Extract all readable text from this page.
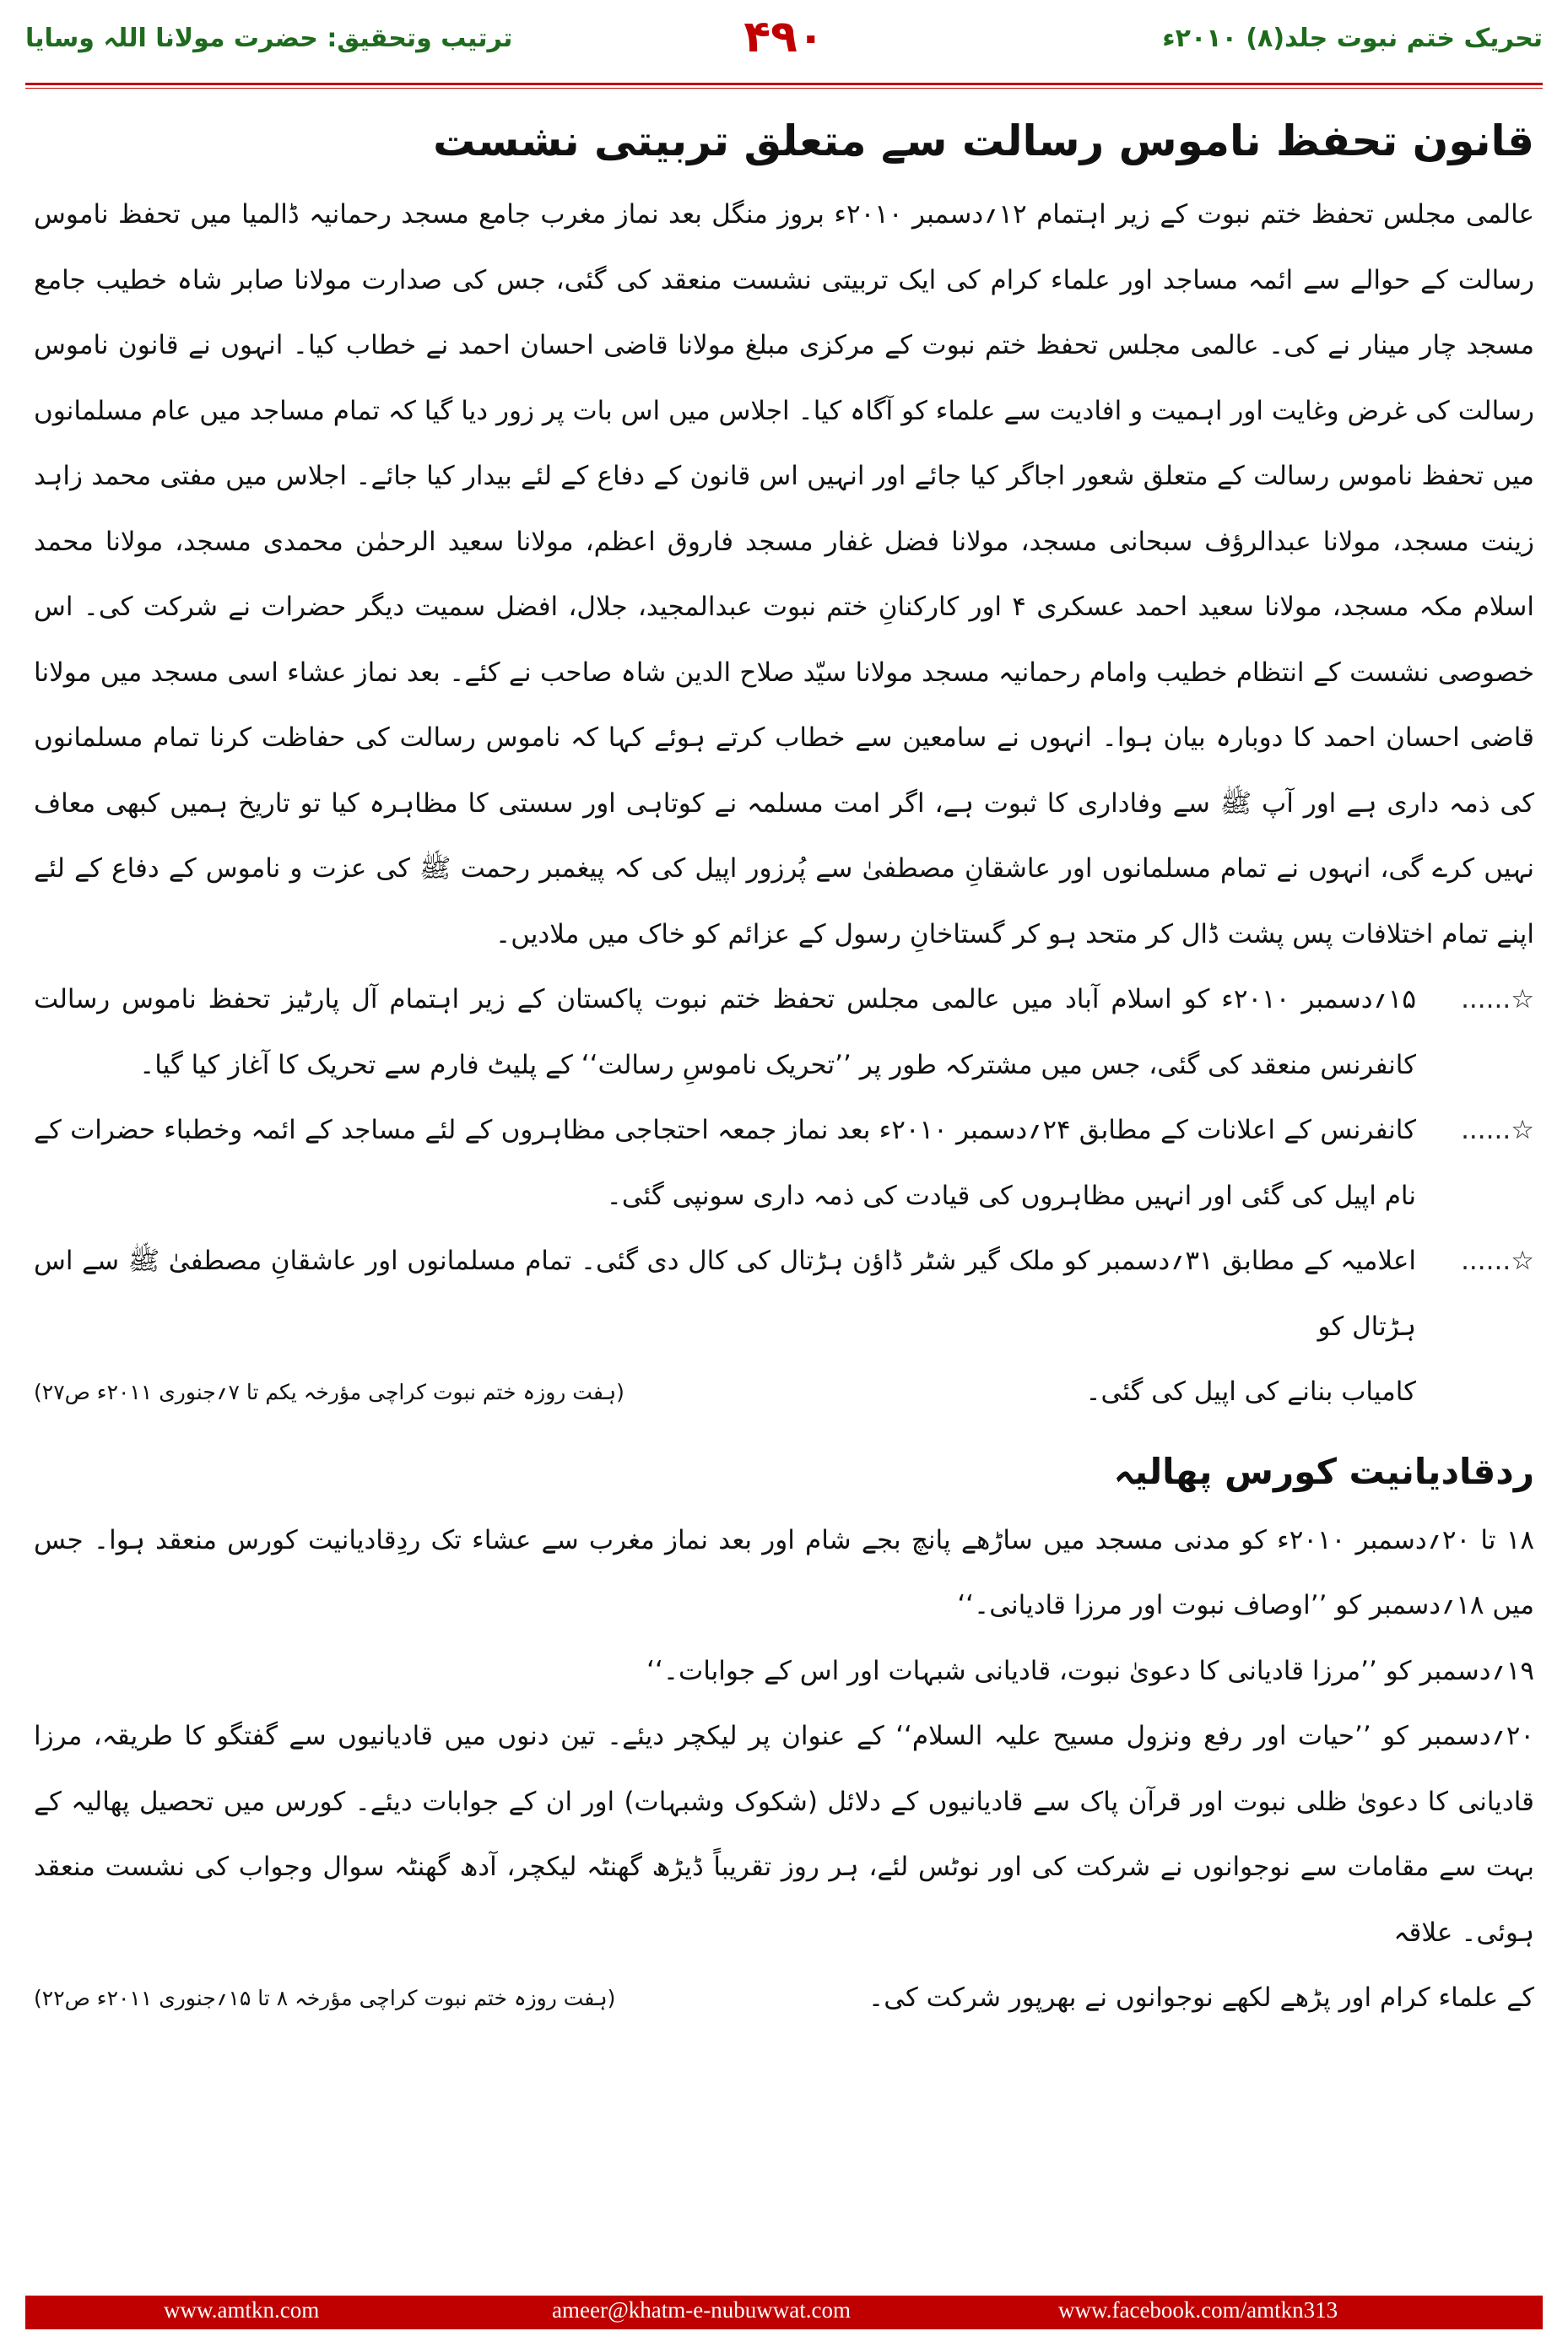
ترتیب وتحقیق: حضرت مولانا اللہ وسایا	۴۹۰	تحریک ختم نبوت جلد(۸) ۲۰۱۰ء
قانون تحفظ ناموس رسالت سے متعلق تربیتی نشست

عالمی مجلس تحفظ ختم نبوت کے زیر اہتمام ۱۲؍دسمبر ۲۰۱۰ء بروز منگل بعد نماز مغرب جامع مسجد رحمانیہ ڈالمیا میں تحفظ ناموس رسالت کے حوالے سے ائمہ مساجد اور علماء کرام کی ایک تربیتی نشست منعقد کی گئی، جس کی صدارت مولانا صابر شاہ خطیب جامع مسجد چار مینار نے کی۔ عالمی مجلس تحفظ ختم نبوت کے مرکزی مبلغ مولانا قاضی احسان احمد نے خطاب کیا۔ انہوں نے قانون ناموس رسالت کی غرض وغایت اور اہمیت و افادیت سے علماء کو آگاہ کیا۔ اجلاس میں اس بات پر زور دیا گیا کہ تمام مساجد میں عام مسلمانوں میں تحفظ ناموس رسالت کے متعلق شعور اجاگر کیا جائے اور انہیں اس قانون کے دفاع کے لئے بیدار کیا جائے۔ اجلاس میں مفتی محمد زاہد زینت مسجد، مولانا عبدالرؤف سبحانی مسجد، مولانا فضل غفار مسجد فاروق اعظم، مولانا سعید الرحمٰن محمدی مسجد، مولانا محمد اسلام مکہ مسجد، مولانا سعید احمد عسکری ۴ اور کارکنانِ ختم نبوت عبدالمجید، جلال، افضل سمیت دیگر حضرات نے شرکت کی۔ اس خصوصی نشست کے انتظام خطیب وامام رحمانیہ مسجد مولانا سیّد صلاح الدین شاہ صاحب نے کئے۔ بعد نماز عشاء اسی مسجد میں مولانا قاضی احسان احمد کا دوبارہ بیان ہوا۔ انہوں نے سامعین سے خطاب کرتے ہوئے کہا کہ ناموس رسالت کی حفاظت کرنا تمام مسلمانوں کی ذمہ داری ہے اور آپ ﷺ سے وفاداری کا ثبوت ہے، اگر امت مسلمہ نے کوتاہی اور سستی کا مظاہرہ کیا تو تاریخ ہمیں کبھی معاف نہیں کرے گی، انہوں نے تمام مسلمانوں اور عاشقانِ مصطفیٰ سے پُرزور اپیل کی کہ پیغمبر رحمت ﷺ کی عزت و ناموس کے دفاع کے لئے اپنے تمام اختلافات پس پشت ڈال کر متحد ہو کر گستاخانِ رسول کے عزائم کو خاک میں ملادیں۔

☆......
۱۵؍دسمبر ۲۰۱۰ء کو اسلام آباد میں عالمی مجلس تحفظ ختم نبوت پاکستان کے زیر اہتمام آل پارٹیز تحفظ ناموس رسالت کانفرنس منعقد کی گئی، جس میں مشترکہ طور پر ’’تحریک ناموسِ رسالت‘‘ کے پلیٹ فارم سے تحریک کا آغاز کیا گیا۔
☆......
کانفرنس کے اعلانات کے مطابق ۲۴؍دسمبر ۲۰۱۰ء بعد نماز جمعہ احتجاجی مظاہروں کے لئے مساجد کے ائمہ وخطباء حضرات کے نام اپیل کی گئی اور انہیں مظاہروں کی قیادت کی ذمہ داری سونپی گئی۔
☆......
اعلامیہ کے مطابق ۳۱؍دسمبر کو ملک گیر شٹر ڈاؤن ہڑتال کی کال دی گئی۔ تمام مسلمانوں اور عاشقانِ مصطفیٰ ﷺ سے اس ہڑتال کو
کامیاب بنانے کی اپیل کی گئی۔
(ہفت روزہ ختم نبوت کراچی مؤرخہ یکم تا ۷؍جنوری ۲۰۱۱ء ص۲۷)
ردقادیانیت کورس پھالیہ

۱۸ تا ۲۰؍دسمبر ۲۰۱۰ء کو مدنی مسجد میں ساڑھے پانچ بجے شام اور بعد نماز مغرب سے عشاء تک ردِقادیانیت کورس منعقد ہوا۔ جس میں ۱۸؍دسمبر کو ’’اوصاف نبوت اور مرزا قادیانی۔‘‘

۱۹؍دسمبر کو ’’مرزا قادیانی کا دعویٰ نبوت، قادیانی شبہات اور اس کے جوابات۔‘‘

۲۰؍دسمبر کو ’’حیات اور رفع ونزول مسیح علیہ السلام‘‘ کے عنوان پر لیکچر دیئے۔ تین دنوں میں قادیانیوں سے گفتگو کا طریقہ، مرزا قادیانی کا دعویٰ ظلی نبوت اور قرآن پاک سے قادیانیوں کے دلائل (شکوک وشبہات) اور ان کے جوابات دیئے۔ کورس میں تحصیل پھالیہ کے بہت سے مقامات سے نوجوانوں نے شرکت کی اور نوٹس لئے، ہر روز تقریباً ڈیڑھ گھنٹہ لیکچر، آدھ گھنٹہ سوال وجواب کی نشست منعقد ہوئی۔ علاقہ

کے علماء کرام اور پڑھے لکھے نوجوانوں نے بھرپور شرکت کی۔
(ہفت روزہ ختم نبوت کراچی مؤرخہ ۸ تا ۱۵؍جنوری ۲۰۱۱ء ص۲۲)
www.amtkn.com	ameer@khatm-e-nubuwwat.com	www.facebook.com/amtkn313
